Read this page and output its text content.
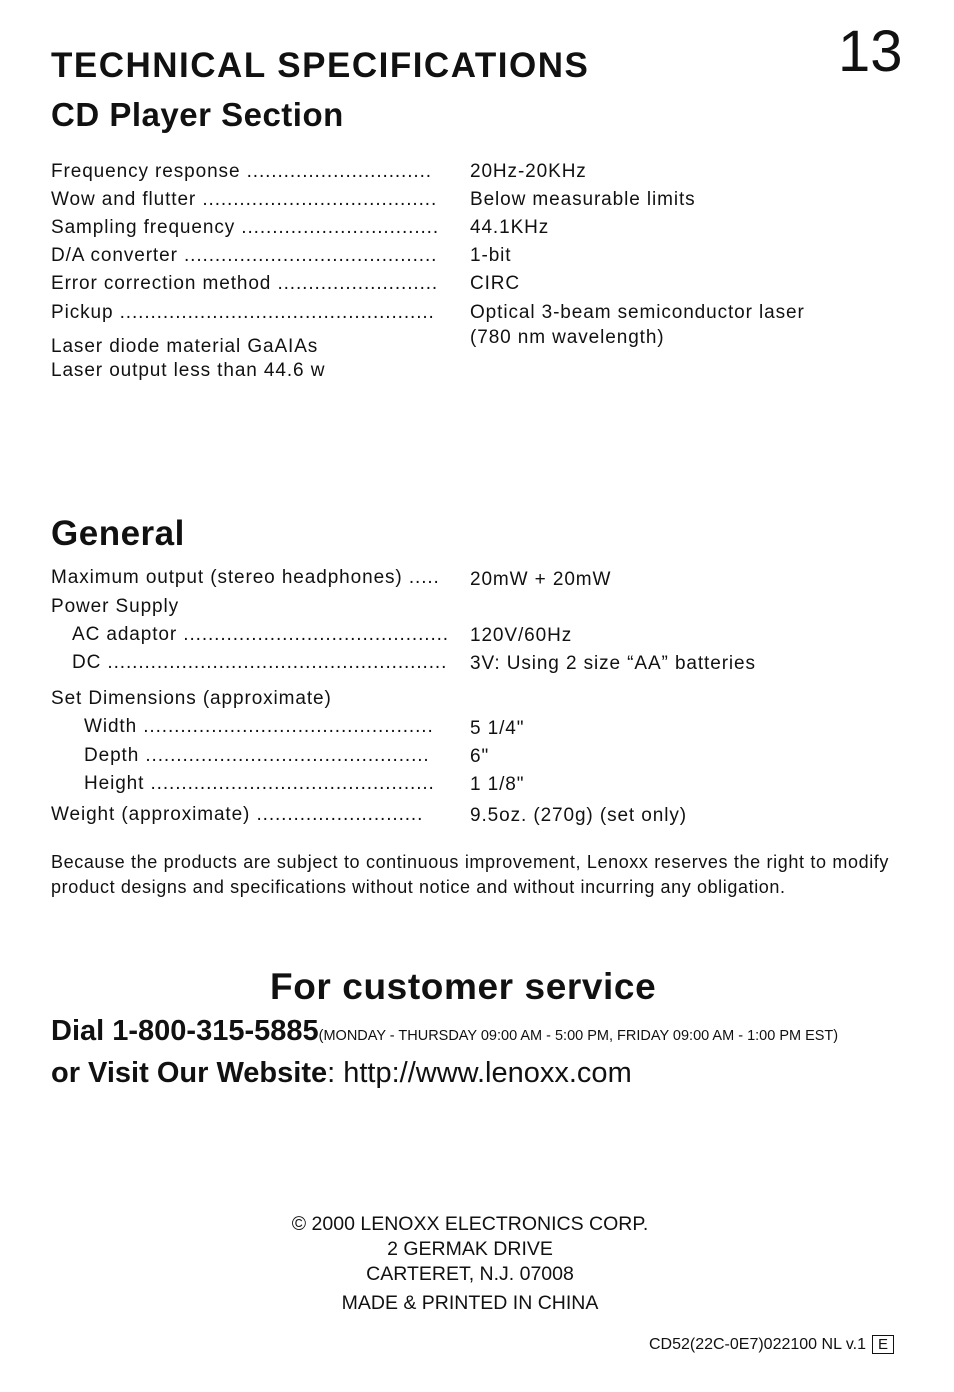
13
TECHNICAL SPECIFICATIONS
CD Player Section
Frequency response .............................. 20Hz-20KHz
Wow and flutter ...................................... Below measurable limits
Sampling frequency ................................ 44.1KHz
D/A converter ......................................... 1-bit
Error correction method .......................... CIRC
Pickup ................................................... Optical 3-beam semiconductor laser
(780 nm wavelength)
Laser diode material GaAIAs
Laser output less than 44.6 w
General
Maximum output (stereo headphones) ..... 20mW + 20mW
Power Supply
AC adaptor ........................................... 120V/60Hz
DC ....................................................... 3V: Using 2 size “AA” batteries
Set Dimensions (approximate)
Width ............................................... 5 1/4"
Depth .............................................. 6"
Height .............................................. 1 1/8"
Weight (approximate) ........................... 9.5oz. (270g) (set only)
Because the products are subject to continuous improvement, Lenoxx reserves the right to modify product designs and specifications without notice and without incurring any obligation.
For customer service
Dial 1-800-315-5885(MONDAY - THURSDAY 09:00 AM - 5:00 PM, FRIDAY 09:00 AM - 1:00 PM EST)
or Visit Our Website: http://www.lenoxx.com
© 2000 LENOXX ELECTRONICS CORP.
2 GERMAK DRIVE
CARTERET, N.J. 07008
MADE & PRINTED IN CHINA
CD52(22C-0E7)022100 NL v.1 E
